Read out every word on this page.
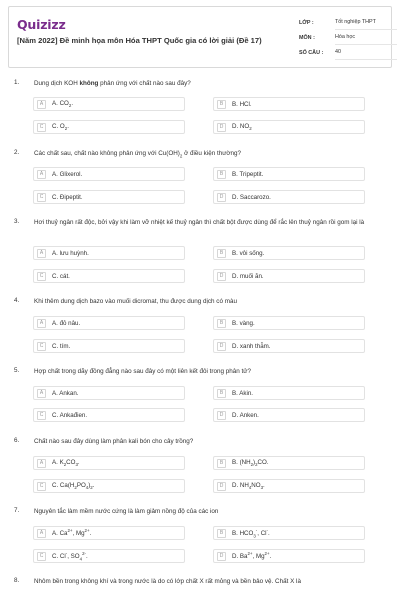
Quizizz
[Năm 2022] Đề minh họa môn Hóa THPT Quốc gia có lời giải (Đề 17)
LỚP :	Tốt nghiệp THPT
MÔN :	Hóa học
SỐ CÂU :	40
1. Dung dịch KOH không phản ứng với chất nào sau đây?
A	A. $CO_2$.	B	B. HCl.
C	C. $O_2$.	D	D. $NO_2$
2. Các chất sau, chất nào không phản ứng với $Cu(OH)_2$ ở điều kiện thường?
A	A. Glixerol.	B	B. Tripeptit.
C	C. Đipeptit.	D	D. Saccarozo.
3. Hơi thuỷ ngân rất độc, bởi vậy khi làm vỡ nhiệt kế thuỷ ngân thì chất bột được dùng để rắc lên thuỷ ngân rồi gom lại là
A	A. lưu huỳnh.	B	B. vôi sống.
C	C. cát.	D	D. muối ăn.
4. Khi thêm dung dịch bazo vào muối dicromat, thu được dung dịch có màu
A	A. đỏ nâu.	B	B. vàng.
C	C. tím.	D	D. xanh thẫm.
5. Hợp chất trong dãy đồng đẳng nào sau đây có một liên kết đôi trong phân tử?
A	A. Ankan.	B	B. Akin.
C	C. Ankađien.	D	D. Anken.
6. Chất nào sau đây dùng làm phân kali bón cho cây trồng?
A	A. $K_2CO_3$.	B	B. $(NH_2)_2CO$.
C	C. $Ca(H_2PO_4)_2$.	D	D. $NH_4NO_3$.
7. Nguyên tắc làm mềm nước cứng là làm giảm nồng độ của các ion
A	A. $Ca^{2+}$, $Mg^{2+}$.	B	B. $HCO_3^-$, Cl-.
C	C. Cl-, $SO_4^{2-}$.	D	D. $Ba^{2+}$, $Mg^{2+}$.
8. Nhôm bền trong không khí và trong nước là do có lớp chất X rất mỏng và bền bảo vệ. Chất X là
